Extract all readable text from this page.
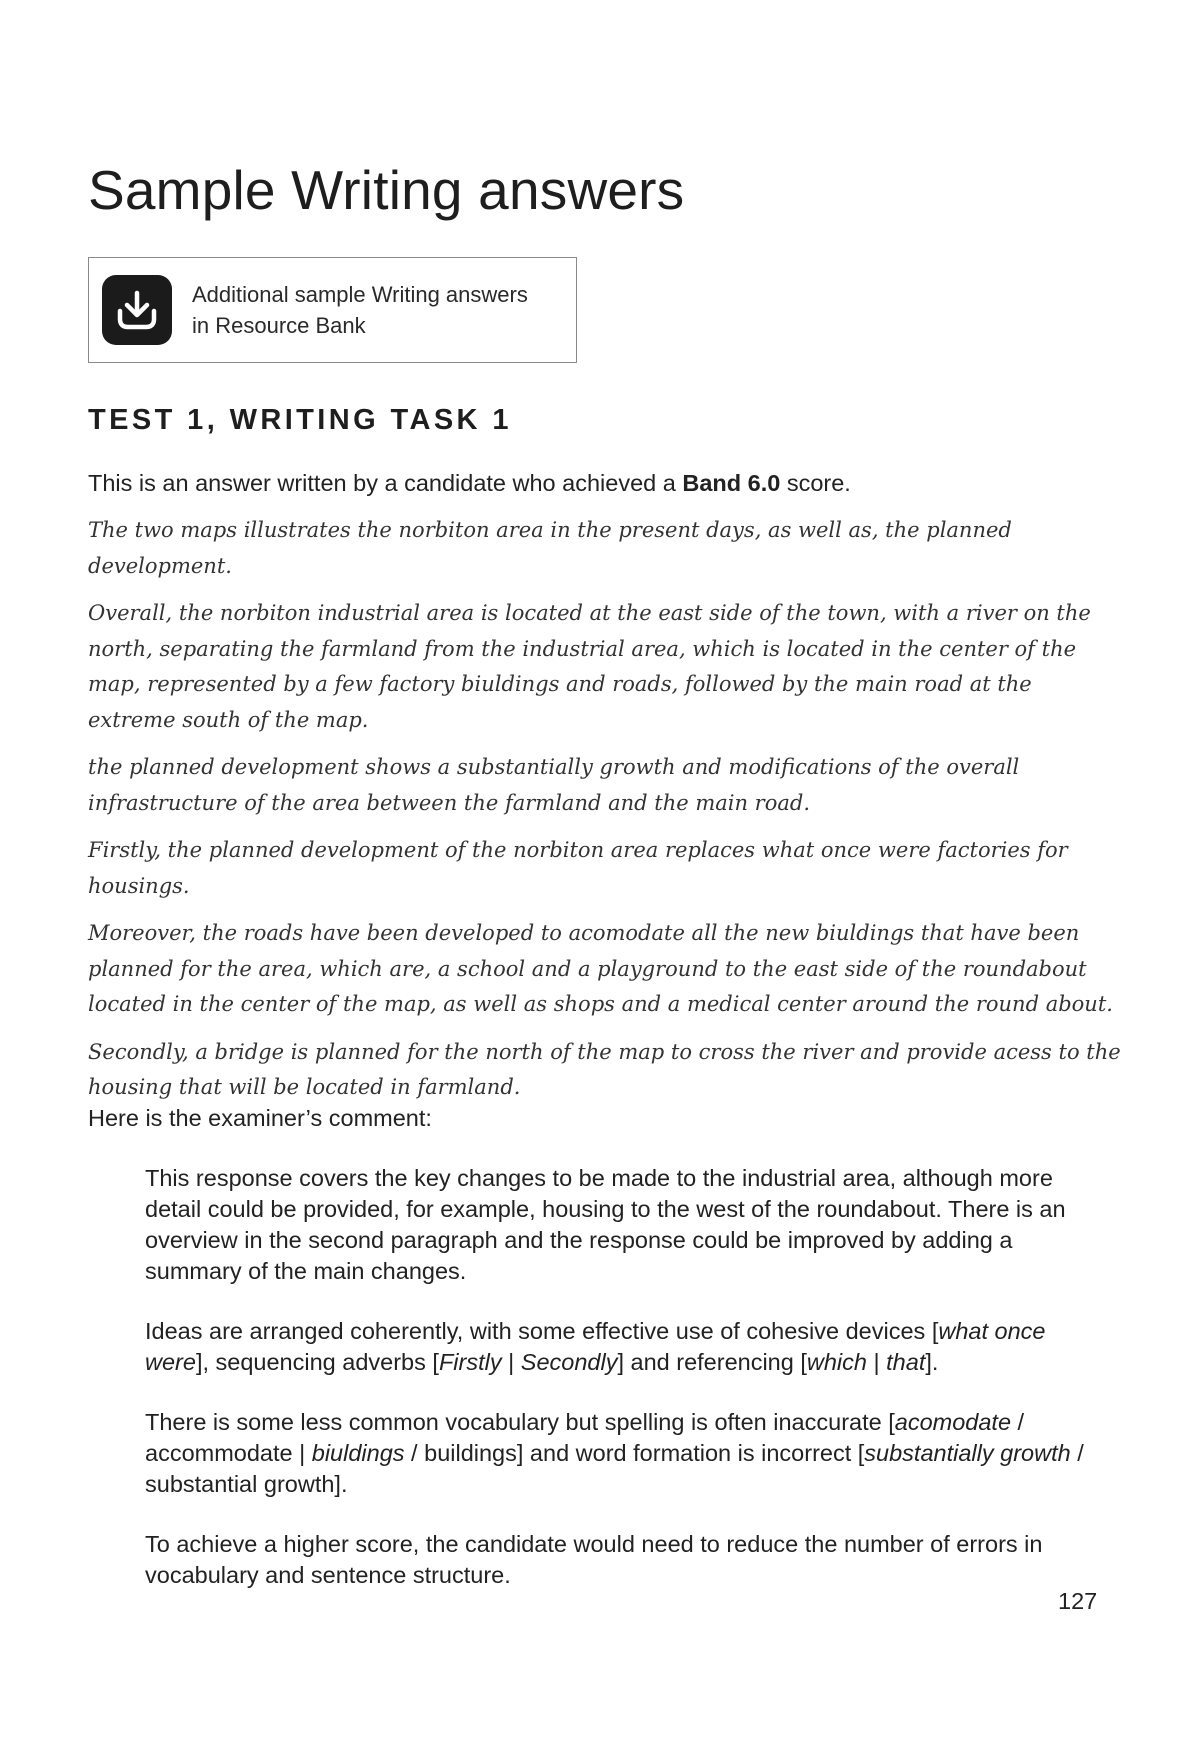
Sample Writing answers
Additional sample Writing answers
in Resource Bank
TEST 1, WRITING TASK 1

This is an answer written by a candidate who achieved a Band 6.0 score.

The two maps illustrates the norbiton area in the present days, as well as, the planned development.

Overall, the norbiton industrial area is located at the east side of the town, with a river on the north, separating the farmland from the industrial area, which is located in the center of the map, represented by a few factory biuldings and roads, followed by the main road at the extreme south of the map.

the planned development shows a substantially growth and modifications of the overall infrastructure of the area between the farmland and the main road.

Firstly, the planned development of the norbiton area replaces what once were factories for housings.

Moreover, the roads have been developed to acomodate all the new biuldings that have been planned for the area, which are, a school and a playground to the east side of the roundabout located in the center of the map, as well as shops and a medical center around the round about.

Secondly, a bridge is planned for the north of the map to cross the river and provide acess to the housing that will be located in farmland.

Here is the examiner’s comment:

This response covers the key changes to be made to the industrial area, although more detail could be provided, for example, housing to the west of the roundabout. There is an overview in the second paragraph and the response could be improved by adding a summary of the main changes.

Ideas are arranged coherently, with some effective use of cohesive devices [what once were], sequencing adverbs [Firstly | Secondly] and referencing [which | that].

There is some less common vocabulary but spelling is often inaccurate [acomodate / accommodate | biuldings / buildings] and word formation is incorrect [substantially growth / substantial growth].

To achieve a higher score, the candidate would need to reduce the number of errors in vocabulary and sentence structure.

127
